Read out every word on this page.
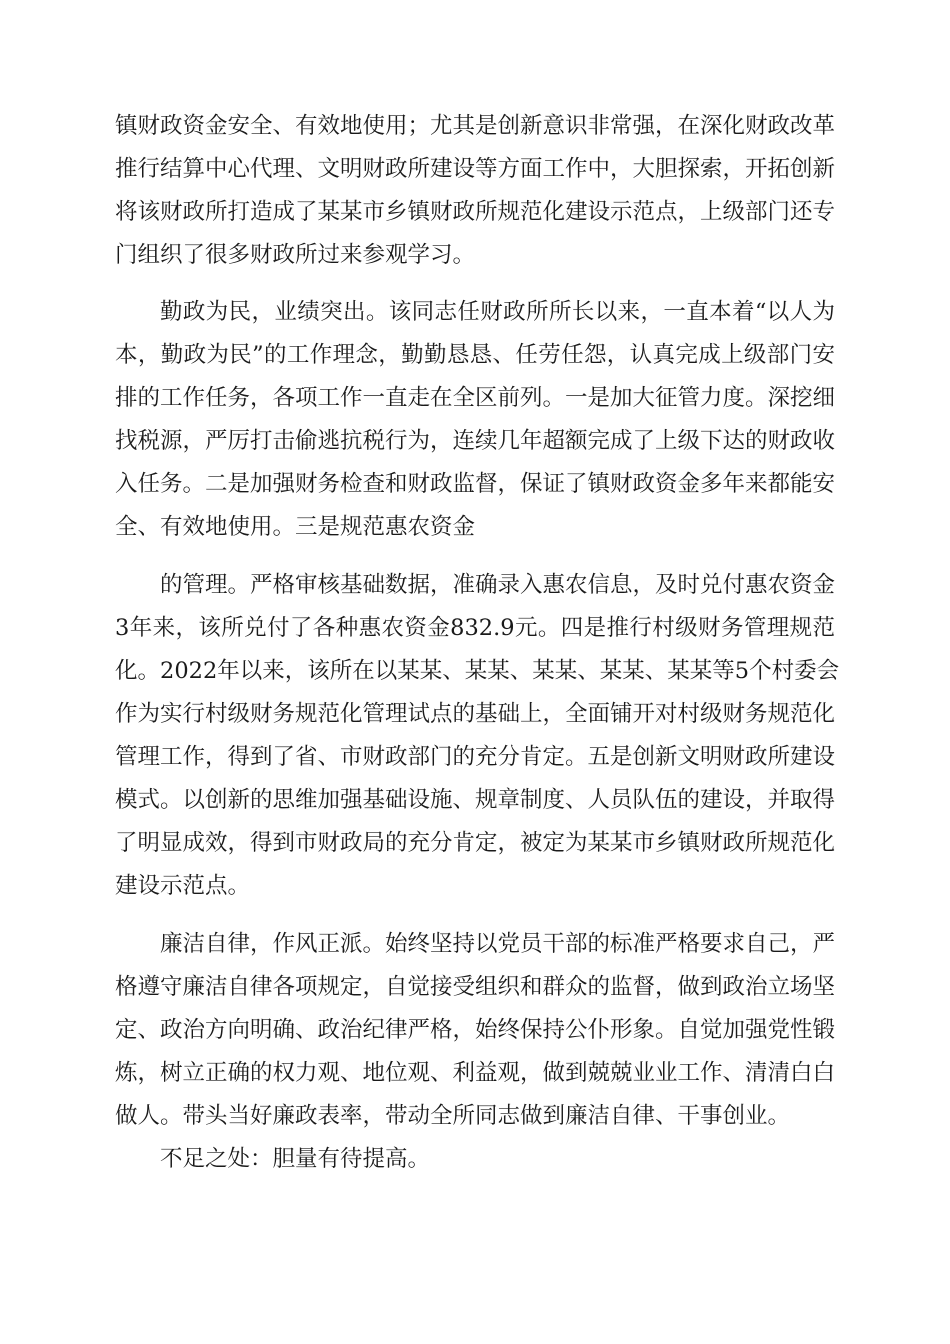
镇财政资金安全、有效地使用；尤其是创新意识非常强，在深化财政改革
推行结算中心代理、文明财政所建设等方面工作中，大胆探索，开拓创新
将该财政所打造成了某某市乡镇财政所规范化建设示范点，上级部门还专
门组织了很多财政所过来参观学习。
勤政为民，业绩突出。该同志任财政所所长以来，一直本着“以人为
本，勤政为民”的工作理念，勤勤恳恳、任劳任怨，认真完成上级部门安
排的工作任务，各项工作一直走在全区前列。一是加大征管力度。深挖细
找税源，严厉打击偷逃抗税行为，连续几年超额完成了上级下达的财政收
入任务。二是加强财务检查和财政监督，保证了镇财政资金多年来都能安
全、有效地使用。三是规范惠农资金
的管理。严格审核基础数据，准确录入惠农信息，及时兑付惠农资金
3年来，该所兑付了各种惠农资金832.9元。四是推行村级财务管理规范
化。2022年以来，该所在以某某、某某、某某、某某、某某等5个村委会
作为实行村级财务规范化管理试点的基础上，全面铺开对村级财务规范化
管理工作，得到了省、市财政部门的充分肯定。五是创新文明财政所建设
模式。以创新的思维加强基础设施、规章制度、人员队伍的建设，并取得
了明显成效，得到市财政局的充分肯定，被定为某某市乡镇财政所规范化
建设示范点。
廉洁自律，作风正派。始终坚持以党员干部的标准严格要求自己，严
格遵守廉洁自律各项规定，自觉接受组织和群众的监督，做到政治立场坚
定、政治方向明确、政治纪律严格，始终保持公仆形象。自觉加强党性锻
炼，树立正确的权力观、地位观、利益观，做到兢兢业业工作、清清白白
做人。带头当好廉政表率，带动全所同志做到廉洁自律、干事创业。
不足之处：胆量有待提高。
